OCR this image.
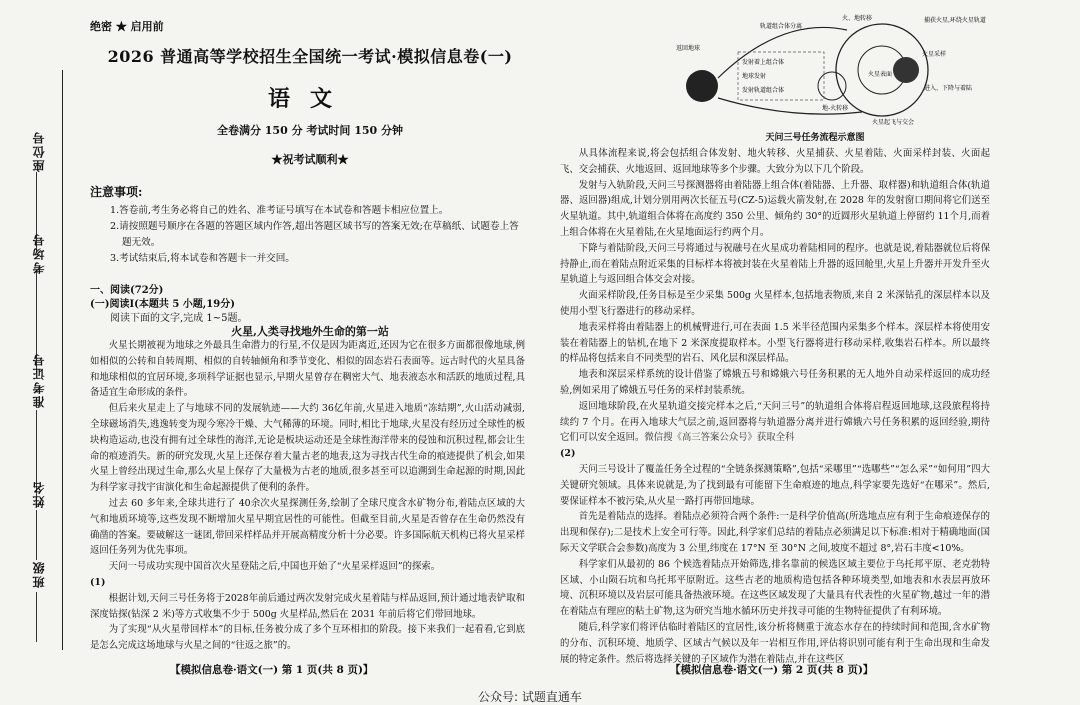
座位号
考场号
准考证号
姓名
班级
绝密 ★ 启用前
2026 普通高等学校招生全国统一考试·模拟信息卷(一)
语文
全卷满分 150 分 考试时间 150 分钟
★祝考试顺利★
注意事项:

1.答卷前,考生务必将自己的姓名、准考证号填写在本试卷和答题卡相应位置上。

2.请按照题号顺序在各题的答题区域内作答,超出答题区域书写的答案无效;在草稿纸、试题卷上答题无效。

3.考试结束后,将本试卷和答题卡一并交回。

一、阅读(72分)
(一)阅读Ⅰ(本题共 5 小题,19分)
阅读下面的文字,完成 1~5题。
火星,人类寻找地外生命的第一站

火星长期被视为地球之外最具生命潜力的行星,不仅是因为距离近,还因为它在很多方面都很像地球,例如相似的公转和自转周期、相似的自转轴倾角和季节变化、相似的固态岩石表面等。远古时代的火星具备和地球相似的宜居环境,多项科学证据也显示,早期火星曾存在稠密大气、地表液态水和活跃的地质过程,具备适宜生命形成的条件。

但后来火星走上了与地球不同的发展轨迹——大约 36亿年前,火星进入地质“冻结期”,火山活动减弱,全球磁场消失,逃逸转变为现今寒冷干燥、大气稀薄的环境。同时,相比于地球,火星没有经历过全球性的板块构造运动,也没有拥有过全球性的海洋,无论是板块运动还是全球性海洋带来的侵蚀和沉积过程,都会让生命的痕迹消失。新的研究发现,火星上还保存着大量古老的地表,这为寻找古代生命的痕迹提供了机会,如果火星上曾经出现过生命,那么火星上保存了大量极为古老的地质,很多甚至可以追溯到生命起源的时期,因此为科学家寻找宇宙演化和生命起源提供了便利的条件。

过去 60 多年来,全球共进行了 40余次火星探测任务,绘制了全球尺度含水矿物分布,着陆点区域的大气和地质环境等,这些发现不断增加火星早期宜居性的可能性。但截至目前,火星是否曾存在生命仍然没有确凿的答案。要破解这一谜团,带回采样样品并开展高精度分析十分必要。许多国际航天机构已将火星采样返回任务列为优先事项。

天问一号成功实现中国首次火星登陆之后,中国也开始了“火星采样返回”的探索。

(1)

根据计划,天问三号任务将于2028年前后通过两次发射完成火星着陆与样品返回,预计通过地表铲取和深度钻探(钻深 2 米)等方式收集不少于 500g 火星样品,然后在 2031 年前后将它们带回地球。

为了实现“从火星带回样本”的目标,任务被分成了多个互环相扣的阶段。接下来我们一起看看,它到底是怎么完成这场地球与火星之间的“往返之旅”的。

【模拟信息卷·语文(一) 第 1 页(共 8 页)】
轨道组合体分离
火、地转移	捕获火星,环绕火星轨道
返回地球
发射着上组合体
地球发射
发射轨道组合体
地-火转移
火星表面
进入、下降与着陆
火星采样
火星起飞与交会
天问三号任务流程示意图

从具体流程来说,将会包括组合体发射、地火转移、火星捕获、火星着陆、火面采样封装、火面起飞、交会捕获、火地返回、返回地球等多个步骤。大致分为以下几个阶段。

发射与入轨阶段,天问三号探测器将由着陆器上组合体(着陆器、上升器、取样器)和轨道组合体(轨道器、返回器)组成,计划分别用两次长征五号(CZ-5)运载火箭发射,在 2028 年的发射窗口期间将它们送至火星轨道。其中,轨道组合体将在高度约 350 公里、倾角约 30°的近圆形火星轨道上停留约 11个月,而着上组合体将在火星着陆,在火星地面运行约两个月。

下降与着陆阶段,天问三号将通过与祝融号在火星成功着陆相同的程序。也就是说,着陆器就位后将保持静止,而在着陆点附近采集的目标样本将被封装在火星着陆上升器的返回舱里,火星上升器并开发升至火星轨道上与返回组合体交会对接。

火面采样阶段,任务目标是至少采集 500g 火星样本,包括地表物质,来自 2 米深钻孔的深层样本以及使用小型飞行器进行的移动采样。

地表采样将由着陆器上的机械臂进行,可在表面 1.5 米半径范围内采集多个样本。深层样本将使用安装在着陆器上的钻机,在地下 2 米深度提取样本。小型飞行器将进行移动采样,收集岩石样本。所以最终的样品将包括来自不同类型的岩石、风化层和深层样品。

地表和深层采样系统的设计借鉴了嫦娥五号和嫦娥六号任务积累的无人地外自动采样返回的成功经验,例如采用了嫦娥五号任务的采样封装系统。

返回地球阶段,在火星轨道交接完样本之后,“天问三号”的轨道组合体将启程返回地球,这段旅程将持续约 7 个月。在再入地球大气层之前,返回器将与轨道器分离并进行嫦娥六号任务积累的返回经验,期待它们可以安全返回。微信搜《高三答案公众号》获取全科

(2)

天问三号设计了覆盖任务全过程的“全链条探测策略”,包括“采哪里”“选哪些”“怎么采”“如何用”四大关键研究领域。具体来说就是,为了找到最有可能留下生命痕迹的地点,科学家要先选好“在哪采”。然后,要保证样本不被污染,从火星一路打再带回地球。

首先是着陆点的选择。着陆点必须符合两个条件:一是科学价值高(所选地点应有利于生命痕迹保存的出现和保存);二是技术上安全可行等。因此,科学家们总结的着陆点必须满足以下标准:相对于精确地面(国际天文学联合会参数)高度为 3 公里,纬度在 17°N 至 30°N 之间,坡度不超过 8°,岩石丰度<10%。

科学家们从最初的 86 个候选着陆点开始筛选,排名靠前的候选区域主要位于乌托邦平原、老克勃特区域、小山陨石坑和乌托邦平原附近。这些古老的地质构造包括各种环境类型,如地表和水表层再放环境、沉积环境以及岩层可能具备热液环境。在这些区域发现了大量具有代表性的火星矿物,越过一年的潜在着陆点有理应的粘土矿物,这为研究当地水循环历史并找寻可能的生物特征提供了有利环境。

随后,科学家们将评估临时着陆区的宜居性,该分析将侧重于流态水存在的持续时间和范围,含水矿物的分布、沉积环境、地质学、区域古气候以及年一岩相互作用,评估将识别可能有利于生命出现和生命发展的特定条件。然后将选择关键的子区域作为潜在着陆点,并在这些区

【模拟信息卷·语文(一) 第 2 页(共 8 页)】
公众号: 试题直通车
